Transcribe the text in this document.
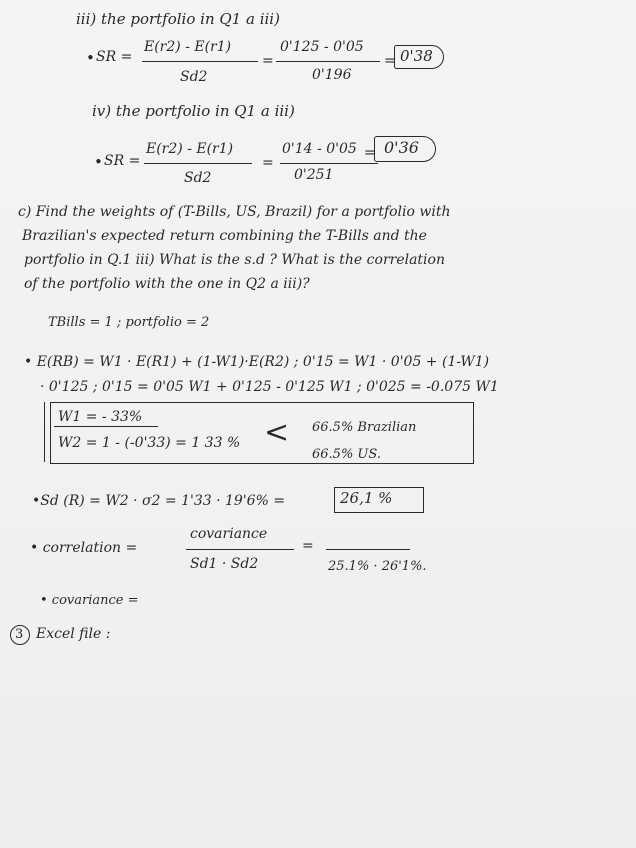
iii) the portfolio in Q1 a iii)
• SR =
E(r2) - E(r1)
Sd2
=
0'125 - 0'05
0'196
= 0'38
iv) the portfolio in Q1 a iii)
• SR =
E(r2) - E(r1)
Sd2
=
0'14 - 0'05
0'251
= 0'36
c) Find the weights of (T-Bills, US, Brazil) for a portfolio with
Brazilian's expected return combining the T-Bills and the
portfolio in Q.1 iii) What is the s.d ? What is the correlation
of the portfolio with the one in Q2 a iii)?
TBills = 1 ; portfolio = 2
• E(RB) = W1 · E(R1) + (1-W1)·E(R2) ; 0'15 = W1 · 0'05 + (1-W1)
· 0'125 ; 0'15 = 0'05 W1 + 0'125 - 0'125 W1 ; 0'025 = -0.075 W1
W1 = - 33%
W2 = 1 - (-0'33) = 1 33 % < 66.5% Brazilian
66.5% US.
•Sd (R) = W2 · σ2 = 1'33 · 19'6% =	26,1 %
• correlation =
covariance
Sd1 · Sd2
=
25.1% · 26'1%.
• covariance =
3 Excel file :
